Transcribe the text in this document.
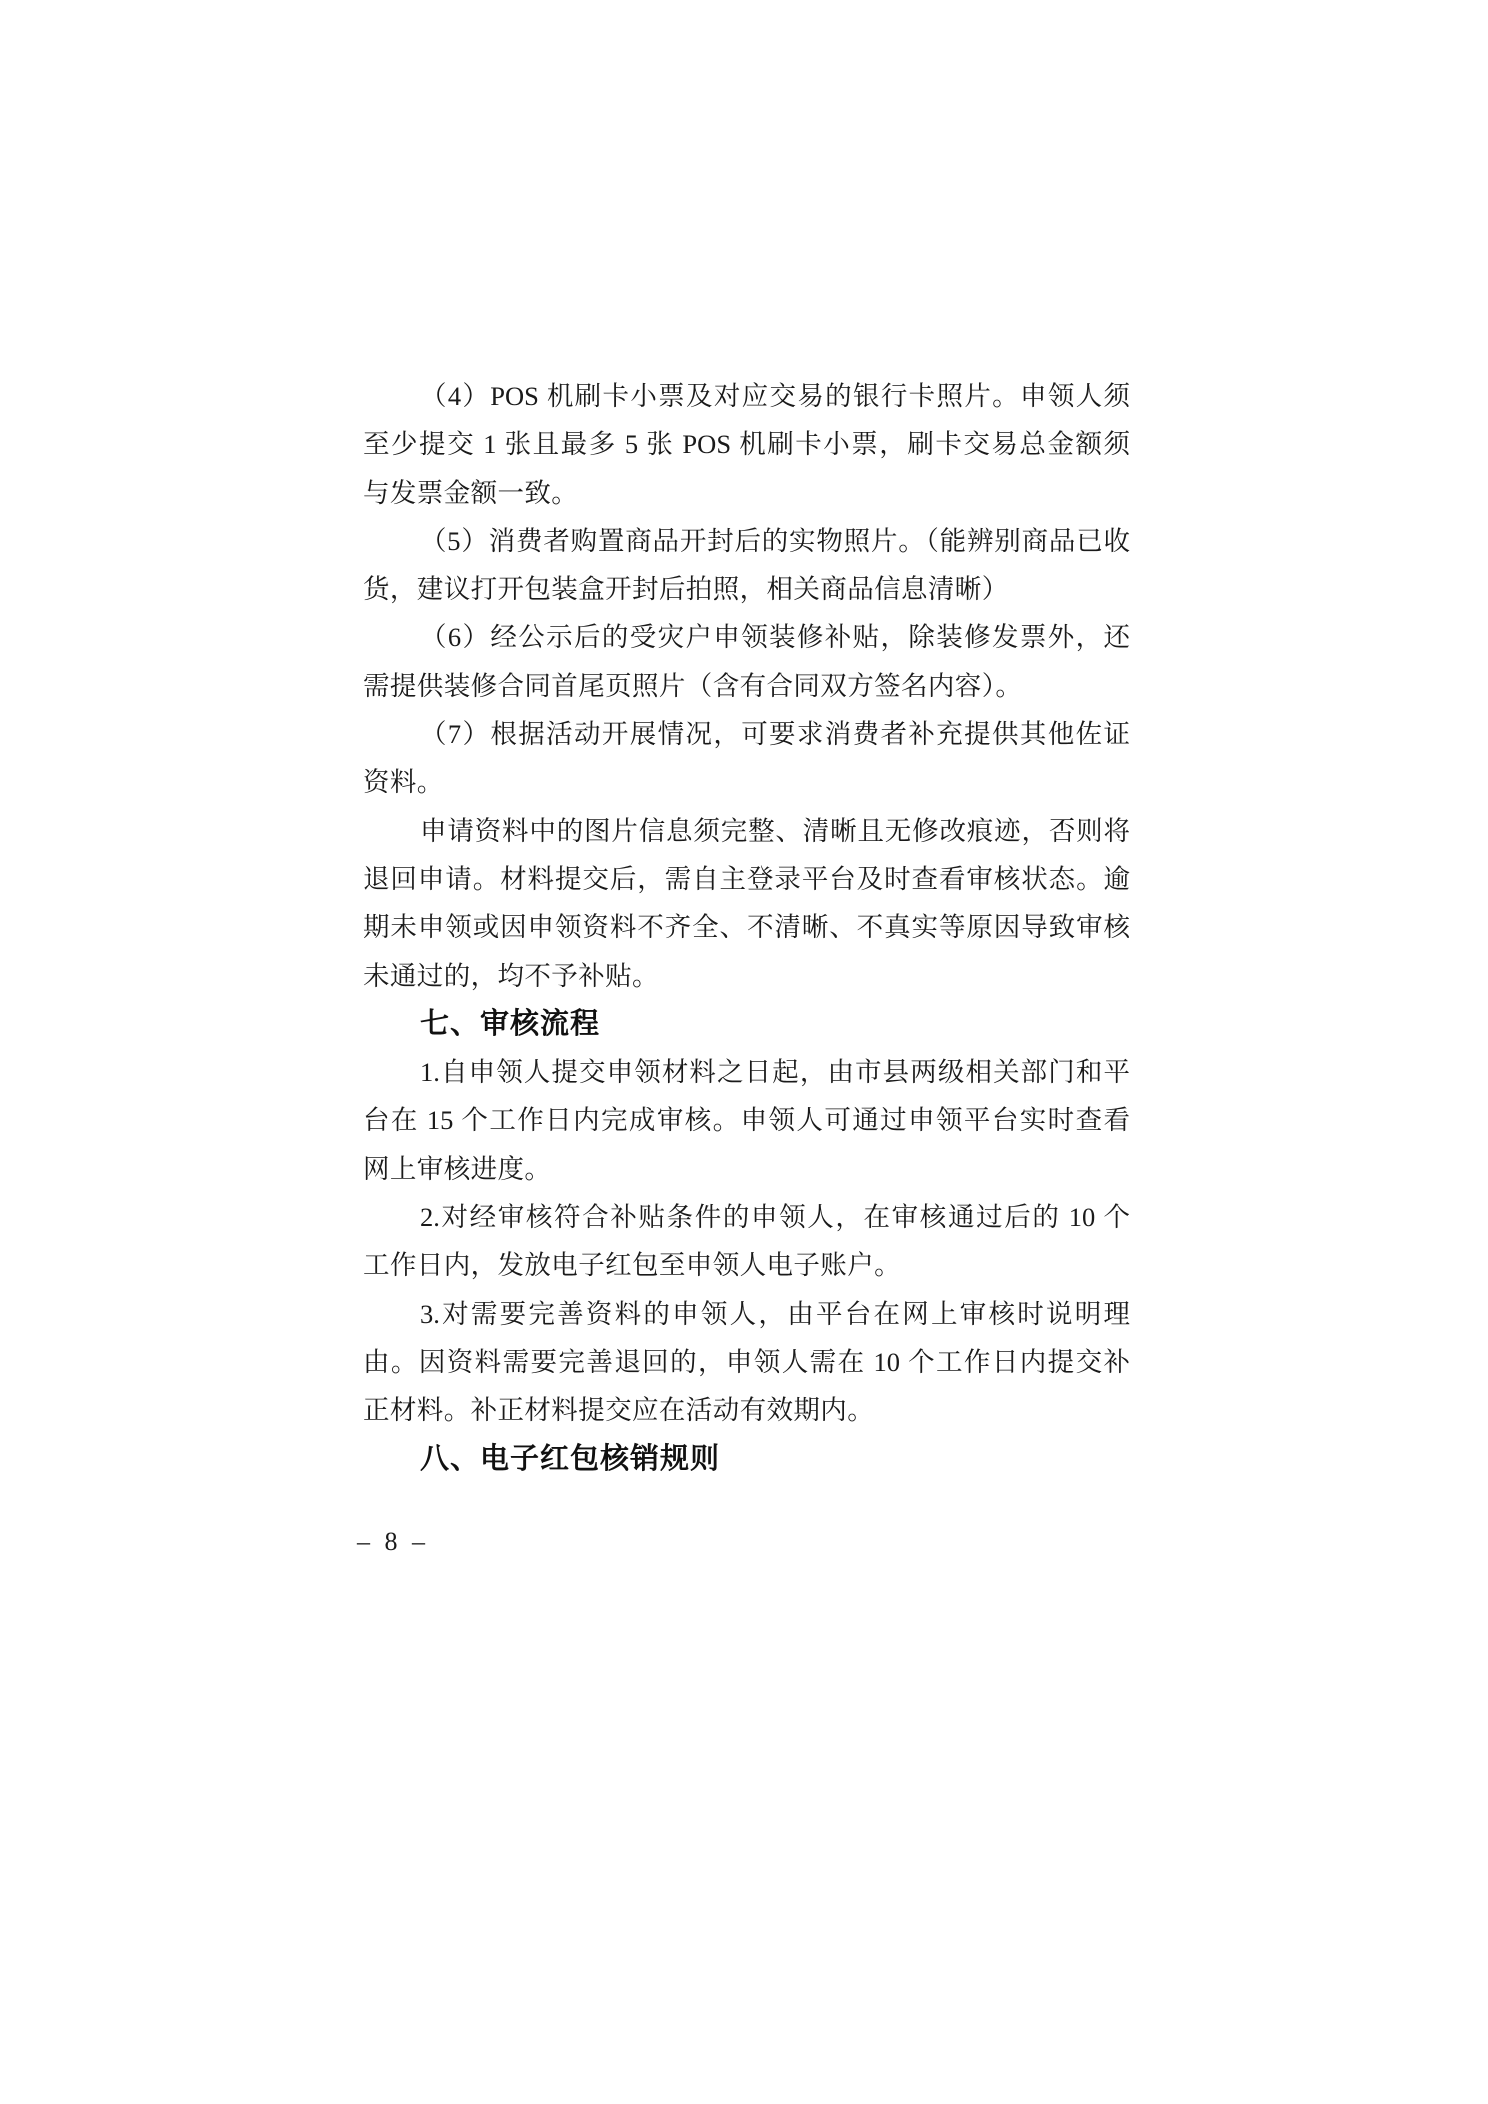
（4）POS 机刷卡小票及对应交易的银行卡照片。申领人须
至少提交 1 张且最多 5 张 POS 机刷卡小票，刷卡交易总金额须
与发票金额一致。
（5）消费者购置商品开封后的实物照片。（能辨别商品已收
货，建议打开包装盒开封后拍照，相关商品信息清晰）
（6）经公示后的受灾户申领装修补贴，除装修发票外，还
需提供装修合同首尾页照片（含有合同双方签名内容）。
（7）根据活动开展情况，可要求消费者补充提供其他佐证
资料。
申请资料中的图片信息须完整、清晰且无修改痕迹，否则将
退回申请。材料提交后，需自主登录平台及时查看审核状态。逾
期未申领或因申领资料不齐全、不清晰、不真实等原因导致审核
未通过的，均不予补贴。
七、审核流程
1.自申领人提交申领材料之日起，由市县两级相关部门和平
台在 15 个工作日内完成审核。申领人可通过申领平台实时查看
网上审核进度。
2.对经审核符合补贴条件的申领人，在审核通过后的 10 个
工作日内，发放电子红包至申领人电子账户。
3.对需要完善资料的申领人，由平台在网上审核时说明理
由。因资料需要完善退回的，申领人需在 10 个工作日内提交补
正材料。补正材料提交应在活动有效期内。
八、电子红包核销规则
– 8 –
